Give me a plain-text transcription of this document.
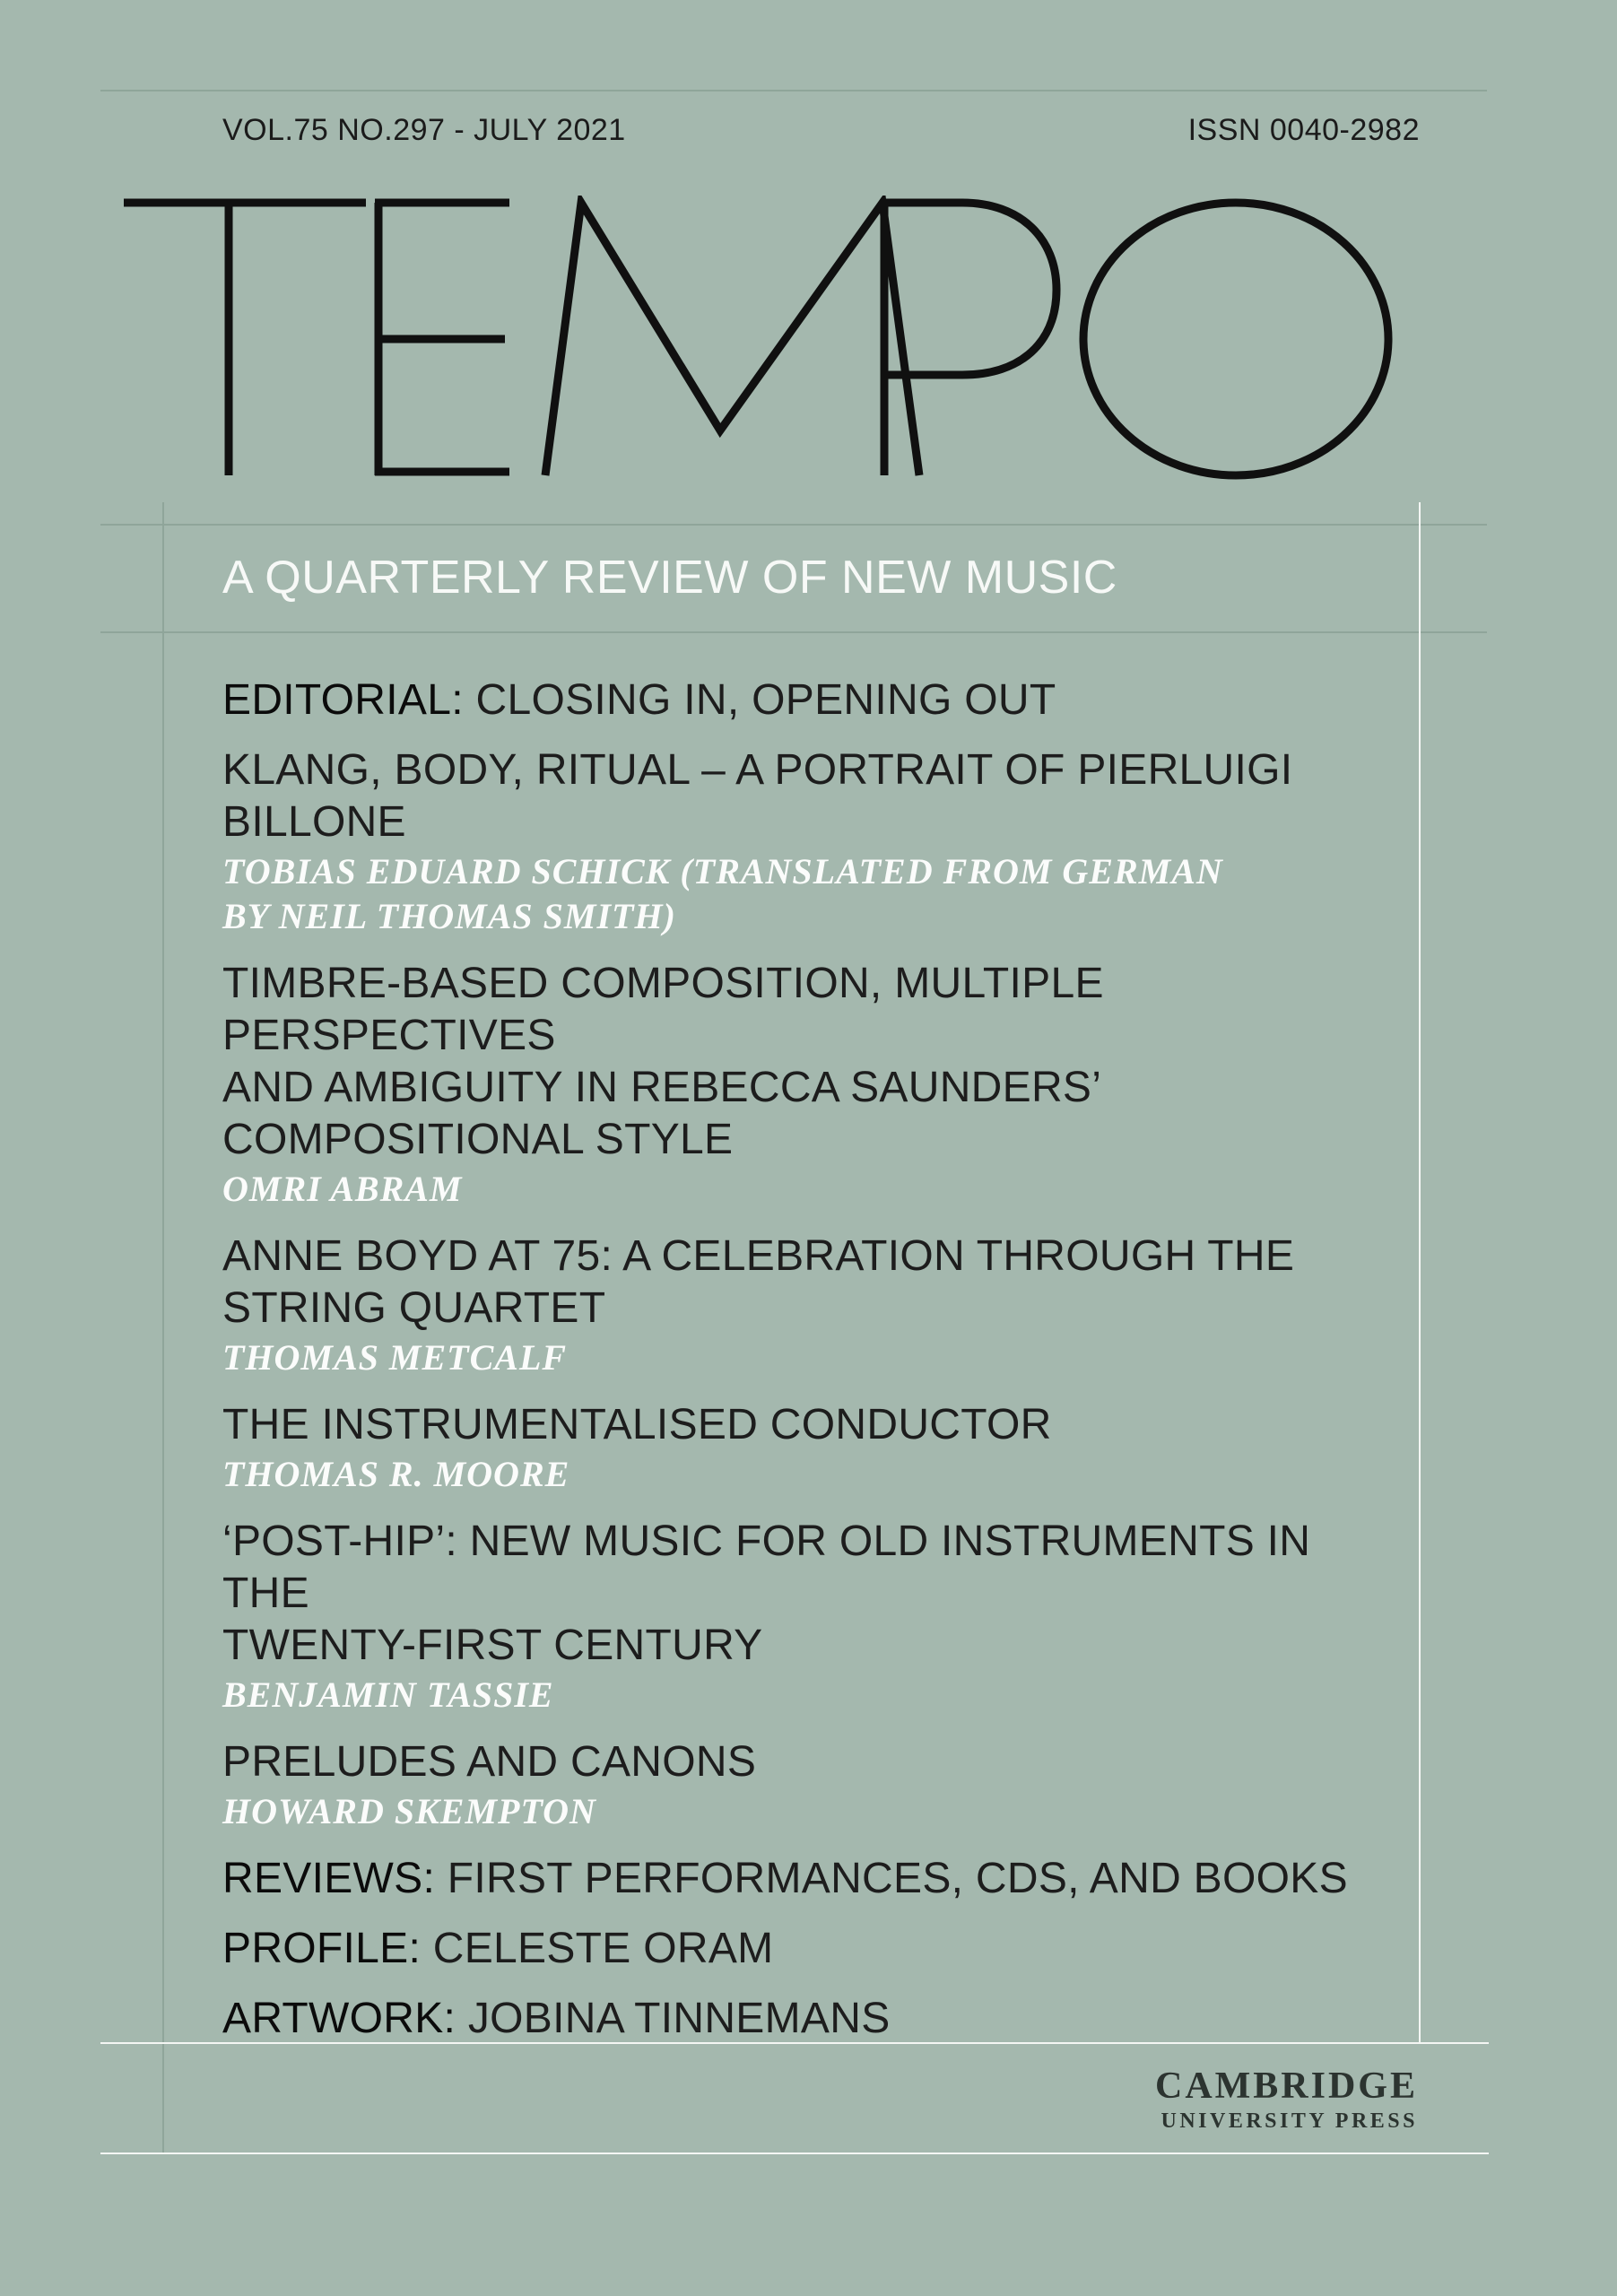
VOL.75 NO.297 - JULY 2021	ISSN 0040-2982
TEMPO
A QUARTERLY REVIEW OF NEW MUSIC
EDITORIAL: CLOSING IN, OPENING OUT
KLANG, BODY, RITUAL – A PORTRAIT OF PIERLUIGI BILLONE
TOBIAS EDUARD SCHICK (TRANSLATED FROM GERMAN
BY NEIL THOMAS SMITH)
TIMBRE-BASED COMPOSITION, MULTIPLE PERSPECTIVES
AND AMBIGUITY IN REBECCA SAUNDERS’
COMPOSITIONAL STYLE
OMRI ABRAM
ANNE BOYD AT 75: A CELEBRATION THROUGH THE
STRING QUARTET
THOMAS METCALF
THE INSTRUMENTALISED CONDUCTOR
THOMAS R. MOORE
‘POST-HIP’: NEW MUSIC FOR OLD INSTRUMENTS IN THE
TWENTY-FIRST CENTURY
BENJAMIN TASSIE
PRELUDES AND CANONS
HOWARD SKEMPTON
REVIEWS: FIRST PERFORMANCES, CDS, AND BOOKS
PROFILE: CELESTE ORAM
ARTWORK: JOBINA TINNEMANS
CAMBRIDGE
UNIVERSITY PRESS
